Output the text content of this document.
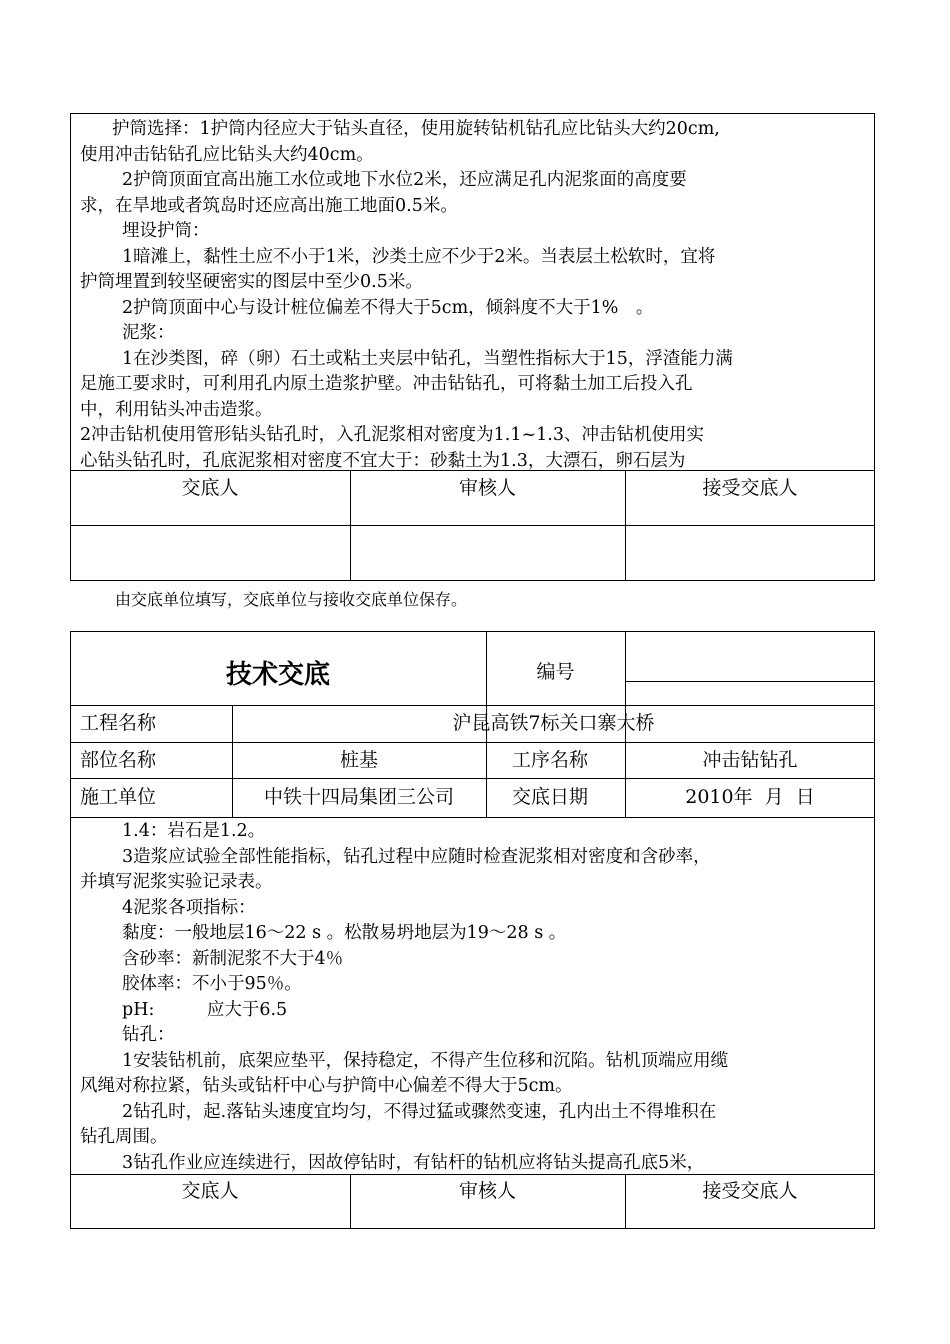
护筒选择：1护筒内径应大于钻头直径，使用旋转钻机钻孔应比钻头大约20cm,

使用冲击钻钻孔应比钻头大约40cm。

2护筒顶面宜高出施工水位或地下水位2米，还应满足孔内泥浆面的高度要

求，在旱地或者筑岛时还应高出施工地面0.5米。

埋设护筒：

1暗滩上，黏性土应不小于1米，沙类土应不少于2米。当表层土松软时，宜将

护筒埋置到较坚硬密实的图层中至少0.5米。

2护筒顶面中心与设计桩位偏差不得大于5cm，倾斜度不大于1%　。

泥浆：

1在沙类图，碎（卵）石土或粘土夹层中钻孔，当塑性指标大于15，浮渣能力满

足施工要求时，可利用孔内原土造浆护壁。冲击钻钻孔，可将黏土加工后投入孔

中，利用钻头冲击造浆。

2冲击钻机使用管形钻头钻孔时，入孔泥浆相对密度为1.1~1.3、冲击钻机使用实

心钻头钻孔时，孔底泥浆相对密度不宜大于：砂黏土为1.3，大漂石，卵石层为

交底人	审核人	接受交底人
由交底单位填写，交底单位与接收交底单位保存。
技术交底	编号
工程名称	沪昆高铁7标关口寨大桥
部位名称	桩基	工序名称	冲击钻钻孔
施工单位	中铁十四局集团三公司	交底日期	2010年  月  日

1.4：岩石是1.2。

3造浆应试验全部性能指标，钻孔过程中应随时检查泥浆相对密度和含砂率，

并填写泥浆实验记录表。

4泥浆各项指标：

黏度：一般地层16～22 s 。松散易坍地层为19～28 s 。

含砂率：新制泥浆不大于4％

胶体率：不小于95％。

pH:　　　应大于6.5

钻孔：

1安装钻机前，底架应垫平，保持稳定，不得产生位移和沉陷。钻机顶端应用缆

风绳对称拉紧，钻头或钻杆中心与护筒中心偏差不得大于5cm。

2钻孔时，起.落钻头速度宜均匀，不得过猛或骤然变速，孔内出土不得堆积在

钻孔周围。

3钻孔作业应连续进行，因故停钻时，有钻杆的钻机应将钻头提高孔底5米，

交底人	审核人	接受交底人
